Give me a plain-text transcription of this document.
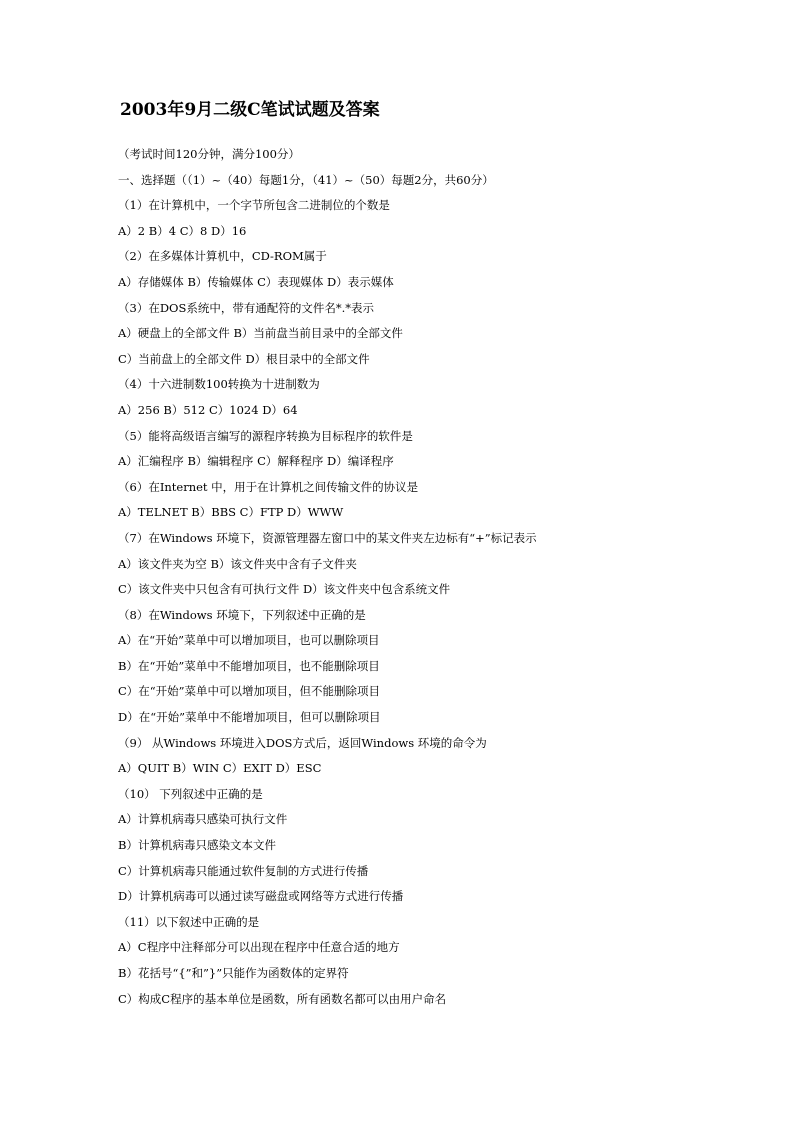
2003年9月二级C笔试试题及答案
（考试时间120分钟，满分100分）
一、选择题（（1）~（40）每题1分，（41）~（50）每题2分，共60分）
（1）在计算机中，一个字节所包含二进制位的个数是
A）2 B）4 C）8 D）16
（2）在多媒体计算机中，CD-ROM属于
A）存储媒体 B）传输媒体 C）表现媒体 D）表示媒体
（3）在DOS系统中，带有通配符的文件名*.*表示
A）硬盘上的全部文件 B）当前盘当前目录中的全部文件
C）当前盘上的全部文件 D）根目录中的全部文件
（4）十六进制数100转换为十进制数为
A）256 B）512 C）1024 D）64
（5）能将高级语言编写的源程序转换为目标程序的软件是
A）汇编程序 B）编辑程序 C）解释程序 D）编译程序
（6）在Internet 中，用于在计算机之间传输文件的协议是
A）TELNET B）BBS C）FTP D）WWW
（7）在Windows 环境下，资源管理器左窗口中的某文件夹左边标有“+”标记表示
A）该文件夹为空 B）该文件夹中含有子文件夹
C）该文件夹中只包含有可执行文件 D）该文件夹中包含系统文件
（8）在Windows 环境下，下列叙述中正确的是
A）在“开始”菜单中可以增加项目，也可以删除项目
B）在“开始”菜单中不能增加项目，也不能删除项目
C）在“开始”菜单中可以增加项目，但不能删除项目
D）在“开始”菜单中不能增加项目，但可以删除项目
（9） 从Windows 环境进入DOS方式后，返回Windows 环境的命令为
A）QUIT B）WIN C）EXIT D）ESC
（10） 下列叙述中正确的是
A）计算机病毒只感染可执行文件
B）计算机病毒只感染文本文件
C）计算机病毒只能通过软件复制的方式进行传播
D）计算机病毒可以通过读写磁盘或网络等方式进行传播
（11）以下叙述中正确的是
A）C程序中注释部分可以出现在程序中任意合适的地方
B）花括号“{”和”}”只能作为函数体的定界符
C）构成C程序的基本单位是函数，所有函数名都可以由用户命名
